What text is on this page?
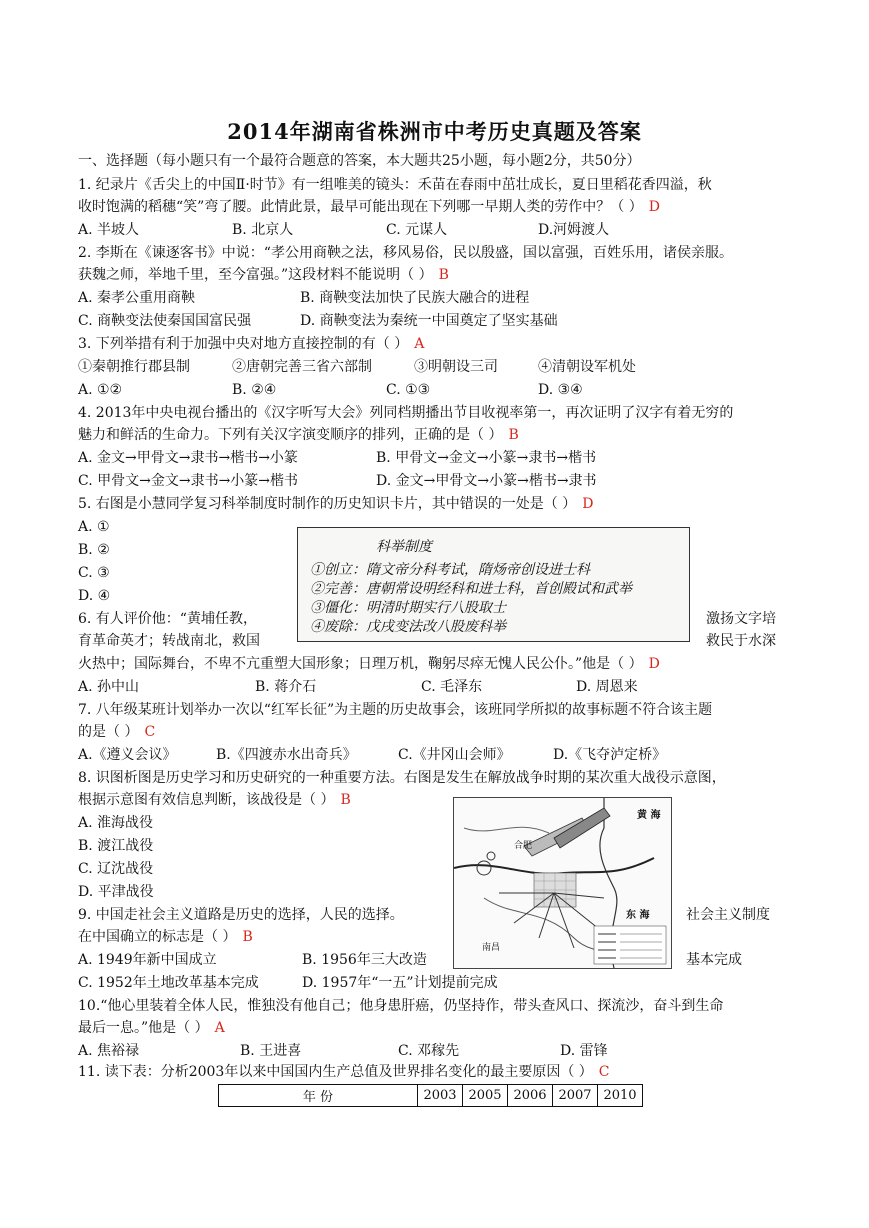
2014年湖南省株洲市中考历史真题及答案
一、选择题（每小题只有一个最符合题意的答案，本大题共25小题，每小题2分，共50分）
1. 纪录片《舌尖上的中国Ⅱ·时节》有一组唯美的镜头：禾苗在春雨中茁壮成长，夏日里稻花香四溢，秋
收时饱满的稻穗“笑”弯了腰。此情此景，最早可能出现在下列哪一早期人类的劳作中？（ ） D
A. 半坡人	B. 北京人	C. 元谋人	D.河姆渡人
2. 李斯在《谏逐客书》中说：“孝公用商鞅之法，移风易俗，民以殷盛，国以富强，百姓乐用，诸侯亲服。
获魏之师，举地千里，至今富强。”这段材料不能说明（ ） B
A. 秦孝公重用商鞅	B. 商鞅变法加快了民族大融合的进程
C. 商鞅变法使秦国国富民强	D. 商鞅变法为秦统一中国奠定了坚实基础
3. 下列举措有利于加强中央对地方直接控制的有（ ） A
①秦朝推行郡县制	②唐朝完善三省六部制	③明朝设三司	④清朝设军机处
A. ①②	B. ②④	C. ①③	D. ③④
4. 2013年中央电视台播出的《汉字听写大会》列同档期播出节目收视率第一，再次证明了汉字有着无穷的
魅力和鲜活的生命力。下列有关汉字演变顺序的排列，正确的是（ ） B
A. 金文→甲骨文→隶书→楷书→小篆	B. 甲骨文→金文→小篆→隶书→楷书
C. 甲骨文→金文→隶书→小篆→楷书	D. 金文→甲骨文→小篆→楷书→隶书
5. 右图是小慧同学复习科举制度时制作的历史知识卡片，其中错误的一处是（ ） D
A. ①
B. ②
C. ③
D. ④
科举制度
①创立：隋文帝分科考试，隋炀帝创设进士科
②完善：唐朝常设明经科和进士科，首创殿试和武举
③僵化：明清时期实行八股取士
④废除：戊戌变法改八股废科举
6. 有人评价他：“黄埔任教，	激扬文字培
育革命英才；转战南北，救国	救民于水深
火热中；国际舞台，不卑不亢重塑大国形象；日理万机，鞠躬尽瘁无愧人民公仆。”他是（ ） D
A. 孙中山	B. 蒋介石	C. 毛泽东	D. 周恩来
7. 八年级某班计划举办一次以“红军长征”为主题的历史故事会，该班同学所拟的故事标题不符合该主题
的是（ ） C
A.《遵义会议》	B.《四渡赤水出奇兵》	C.《井冈山会师》	D.《飞夺泸定桥》
8. 识图析图是历史学习和历史研究的一种重要方法。右图是发生在解放战争时期的某次重大战役示意图，
根据示意图有效信息判断，该战役是（ ） B
A. 淮海战役
B. 渡江战役
C. 辽沈战役
D. 平津战役
黄 海
东 海
合肥
南昌
9. 中国走社会主义道路是历史的选择，人民的选择。	社会主义制度
在中国确立的标志是（ ） B
A. 1949年新中国成立	B. 1956年三大改造	基本完成
C. 1952年土地改革基本完成	D. 1957年“一五”计划提前完成
10.“他心里装着全体人民，惟独没有他自己；他身患肝癌，仍坚持作，带头查风口、探流沙，奋斗到生命
最后一息。”他是（ ） A
A. 焦裕禄	B. 王进喜	C. 邓稼先	D. 雷锋
11. 读下表：分析2003年以来中国国内生产总值及世界排名变化的最主要原因（ ） C
年 份	2003	2005	2006	2007	2010
